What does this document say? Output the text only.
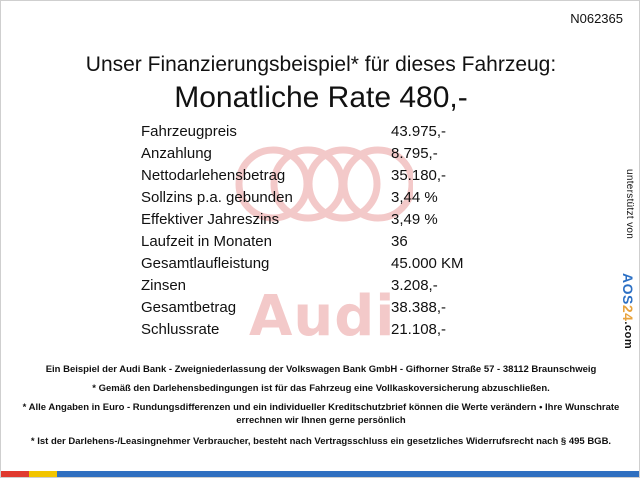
Audi
N062365
Unser Finanzierungsbeispiel* für dieses Fahrzeug:
Monatliche Rate 480,-
Fahrzeugpreis	43.975,-
Anzahlung	8.795,-
Nettodarlehensbetrag	35.180,-
Sollzins p.a. gebunden	3,44 %
Effektiver Jahreszins	3,49 %
Laufzeit in Monaten	36
Gesamtlaufleistung	45.000 KM
Zinsen	3.208,-
Gesamtbetrag	38.388,-
Schlussrate	21.108,-

Ein Beispiel der Audi Bank - Zweigniederlassung der Volkswagen Bank GmbH - Gifhorner Straße 57 - 38112 Braunschweig

* Gemäß den Darlehensbedingungen ist für das Fahrzeug eine Vollkaskoversicherung abzuschließen.

* Alle Angaben in Euro - Rundungsdifferenzen und ein individueller Kreditschutzbrief können die Werte verändern • Ihre Wunschrate errechnen wir Ihnen gerne persönlich

* Ist der Darlehens-/Leasingnehmer Verbraucher, besteht nach Vertragsschluss ein gesetzliches Widerrufsrecht nach § 495 BGB.

unterstützt von
AOS24.com
